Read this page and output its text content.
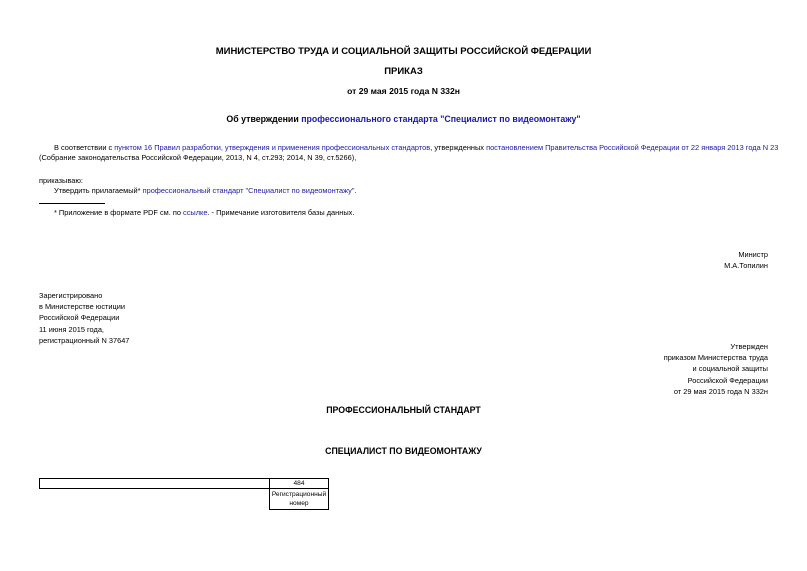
МИНИСТЕРСТВО ТРУДА И СОЦИАЛЬНОЙ ЗАЩИТЫ РОССИЙСКОЙ ФЕДЕРАЦИИ
ПРИКАЗ
от 29 мая 2015 года N 332н
Об утверждении профессионального стандарта "Специалист по видеомонтажу"
В соответствии с пунктом 16 Правил разработки, утверждения и применения профессиональных стандартов, утвержденных постановлением Правительства Российской Федерации от 22 января 2013 года N 23
(Собрание законодательства Российской Федерации, 2013, N 4, ст.293; 2014, N 39, ст.5266),
приказываю:
Утвердить прилагаемый* профессиональный стандарт "Специалист по видеомонтажу".
* Приложение в формате PDF см. по ссылке. - Примечание изготовителя базы данных.
Министр
М.А.Топилин
Зарегистрировано
в Министерстве юстиции
Российской Федерации
11 июня 2015 года,
регистрационный N 37647
Утвержден
приказом Министерства труда
и социальной защиты
Российской Федерации
от 29 мая 2015 года N 332н
ПРОФЕССИОНАЛЬНЫЙ СТАНДАРТ
СПЕЦИАЛИСТ ПО ВИДЕОМОНТАЖУ
	484

	Регистрационный
номер
